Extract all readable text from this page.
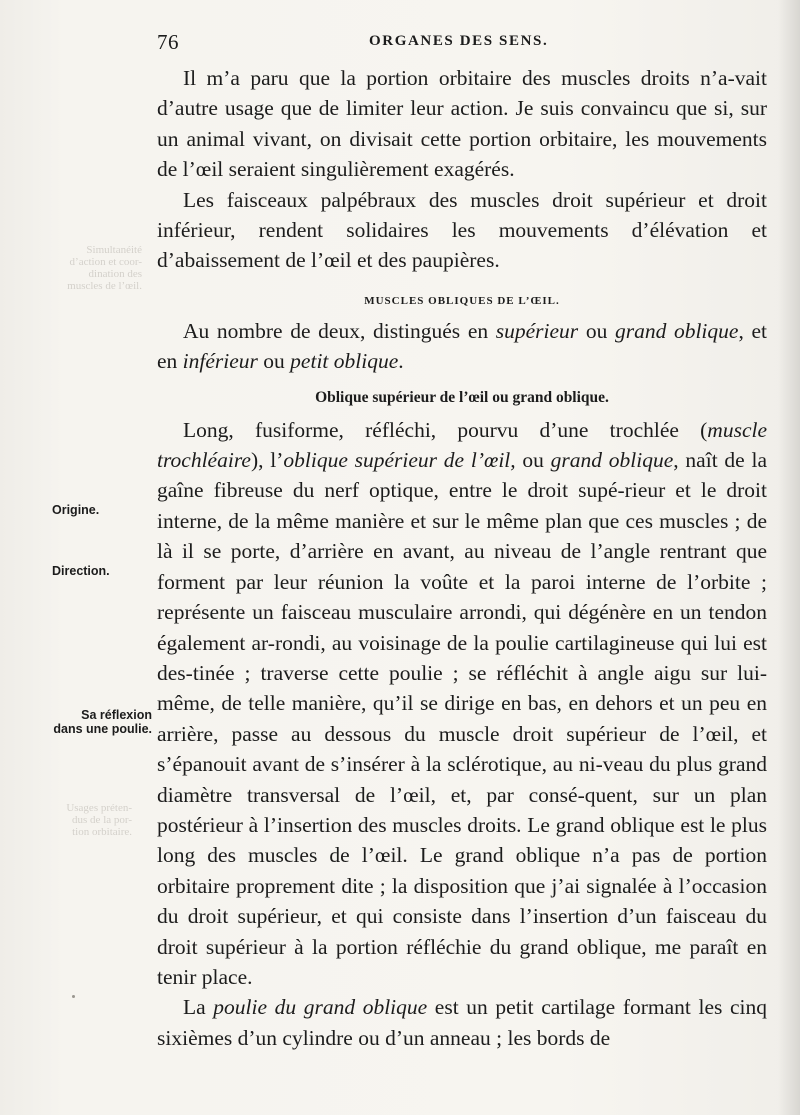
Simultanéité
d’action et coor-
dination des
muscles de l’œil.
Usages préten-
dus de la por-
tion orbitaire.
76	ORGANES DES SENS.

Il m’a paru que la portion orbitaire des muscles droits n’a-vait d’autre usage que de limiter leur action. Je suis convaincu que si, sur un animal vivant, on divisait cette portion orbitaire, les mouvements de l’œil seraient singulièrement exagérés.

Les faisceaux palpébraux des muscles droit supérieur et droit inférieur, rendent solidaires les mouvements d’élévation et d’abaissement de l’œil et des paupières.

MUSCLES OBLIQUES DE L’ŒIL.

Au nombre de deux, distingués en supérieur ou grand oblique, et en inférieur ou petit oblique.

Oblique supérieur de l’œil ou grand oblique.

Long, fusiforme, réfléchi, pourvu d’une trochlée (muscle trochléaire), l’oblique supérieur de l’œil, ou grand oblique, naît de la gaîne fibreuse du nerf optique, entre le droit supé-rieur et le droit interne, de la même manière et sur le même plan que ces muscles ; de là il se porte, d’arrière en avant, au niveau de l’angle rentrant que forment par leur réunion la voûte et la paroi interne de l’orbite ; représente un faisceau musculaire arrondi, qui dégénère en un tendon également ar-rondi, au voisinage de la poulie cartilagineuse qui lui est des-tinée ; traverse cette poulie ; se réfléchit à angle aigu sur lui-même, de telle manière, qu’il se dirige en bas, en dehors et un peu en arrière, passe au dessous du muscle droit supérieur de l’œil, et s’épanouit avant de s’insérer à la sclérotique, au ni-veau du plus grand diamètre transversal de l’œil, et, par consé-quent, sur un plan postérieur à l’insertion des muscles droits. Le grand oblique est le plus long des muscles de l’œil. Le grand oblique n’a pas de portion orbitaire proprement dite ; la disposition que j’ai signalée à l’occasion du droit supérieur, et qui consiste dans l’insertion d’un faisceau du droit supérieur à la portion réfléchie du grand oblique, me paraît en tenir place.

La poulie du grand oblique est un petit cartilage formant les cinq sixièmes d’un cylindre ou d’un anneau ; les bords de

Origine.
Direction.
Sa réflexion
dans une poulie.
